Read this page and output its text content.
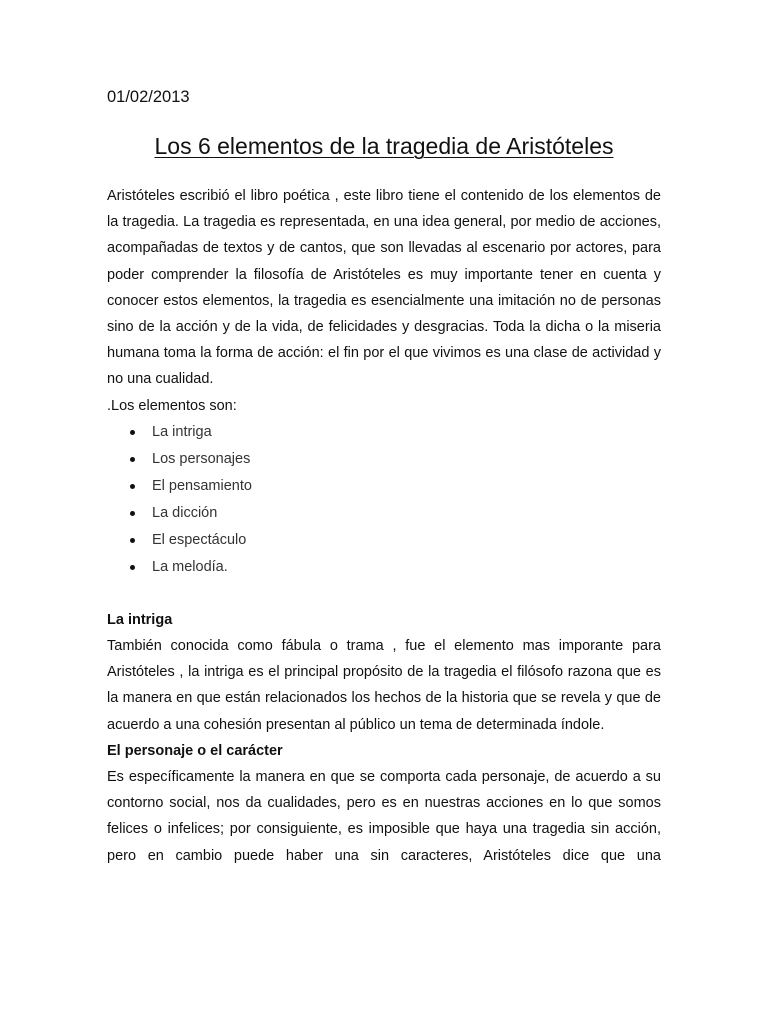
01/02/2013

Los 6 elementos de la tragedia de Aristóteles

Aristóteles escribió el libro poética , este libro tiene el contenido de los elementos de la tragedia. La tragedia es representada, en una idea general, por medio de acciones, acompañadas de textos y de cantos, que son llevadas al escenario por actores, para poder comprender la filosofía de Aristóteles es muy importante tener en cuenta y conocer estos elementos, la tragedia es esencialmente una imitación no de personas sino de la acción y de la vida, de felicidades y desgracias. Toda la dicha o la miseria humana toma la forma de acción: el fin por el que vivimos es una clase de actividad y no una cualidad.

.Los elementos son:

La intriga
Los personajes
El pensamiento
La dicción
El espectáculo
La melodía.

La intriga

También conocida como fábula o trama , fue el elemento mas imporante para Aristóteles , la intriga es el principal propósito de la tragedia el filósofo razona que es la manera en que están relacionados los hechos de la historia que se revela y que de acuerdo a una cohesión presentan al público un tema de determinada índole.

El personaje o el carácter

Es específicamente la manera en que se comporta cada personaje, de acuerdo a su contorno social, nos da cualidades, pero es en nuestras acciones en lo que somos felices o infelices; por consiguiente, es imposible que haya una tragedia sin acción, pero en cambio puede haber una sin caracteres, Aristóteles dice que una
